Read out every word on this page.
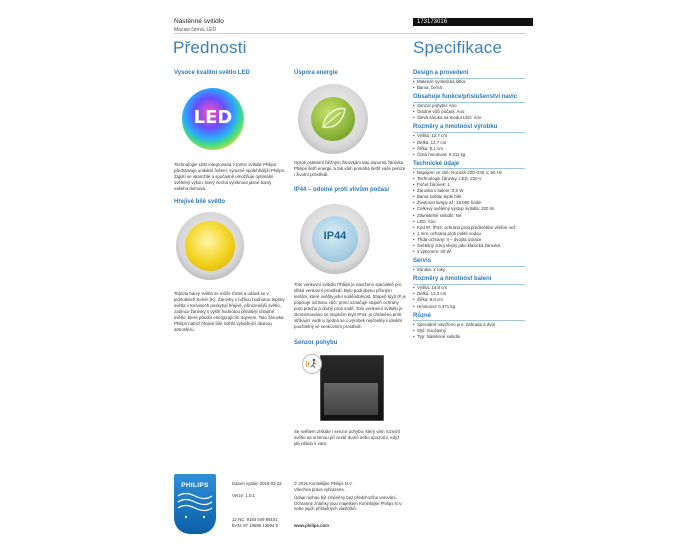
Nástěnné svítidlo
Macaw černá, LED
173173016
Přednosti	Specifikace
Vysoce kvalitní světlo LED
LED
Technologie LED integrovaná v tomto svítidle Philips představuje unikátní řešení, výrazně spolehlivější Philips. Zajistí se okamžité a současně umožňuje optimální světelný výkon, který nechá vyniknout jasné barvy vašeho domova.
Úspora energie
Oproti ostatním běžným žárovkám tato úsporná žárovka Philips šetří energii, a tak vám pomáhá šetřit vaše peníze i životní prostředí.
Hřejivé bílé světlo
Teplota barvy světla se může různit a udává se v jednotkách Kelvin (K). Žárovky s nižšou hodnotou teploty světla v Kelvinech poskytují hřejivé, přirozenější světlo, zatímco žárovky s vyšší hodnotou přinášejí chladné světlo, které působí energizujícím dojmem. Tato žárovka Philips nabízí hřejivé bílé světlo vytvářející útulnou atmosféru.
IP44 – odolné proti vlivům počasí
IP44
Toto venkovní svítidlo Philips je navrženo speciálně pro vlhká venkovní prostředí. Bylo podrobeno přísným testům, které ověřily jeho voděodolnost. Stupeň krytí IP je popisuje ochranu vůči: první označuje stupeň ochrany proti prachu a druhý proti vodě. Toto venkovní svítidlo je zkonstruováno se stupněm krytí IP44, je chráněno proti stříkající vodě a zjedná se o výrobek nejčastěji s ideální použitelný ve venkovním prostředí.
Senzor pohybu
Se světlem získáte i senzor pohybu, který vám rozsvítí světlo na určenou při cestě domů nebo upozorní, když jde někdo k vám.
Design a provedení
• Materiál: syntetická látka
• Barva: černá
Obsahuje funkce/příslušenství navíc
• Senzor pohybu: Ano
• Odolné vůči počasí: Ano
• Slevá záruka na modul LED: Ano
Rozměry a hmotnost výrobku
• Výška: 12,7 cm
• Délka: 12,7 cm
• Šířka: 9,1 cm
• Čistá hmotnost: 0,311 kg
Technické údaje
• Napájení ze sítě: Rozsah 220–240 V, 50 Hz
• Technologie žárovky: LED, 230 V
• Počet žárovek: 1
• Žárovka v balení: 3,5 W
• Barva světla: teplé bílé
• Životnost lampy až: 15 000 hodin
• Celkový světelný výstup svítidla: 320 lm
• Ztlumitelné svítidlo: Ne
• LED: Ano
• Kód IP: IP44, ochrana proti předmětům větším než
• 1 mm, ochrana proti polité vodou
• Třída ochrany: II – dvojitá izolace
• Světelný zdroj stejný jako klasická žárovka
• s výkonem: 30 W
Servis
• Záruka: 2 roky
Rozměry a hmotnost balení
• Výška: 14,8 cm
• Délka: 13,3 cm
• Šířka: 9,8 cm
• Hmotnost: 0,371 kg
Různé
• Speciálně navrženo pro: Zahrada a dvůr
• Styl: Současný
• Typ: Nástěnné svítidlo
PHILIPS	Datum vydání 2016-03-22
Verze: 1.0.1
12 NC: 9150 049 89101
EAN: 87 18696 13594 6
© 2016 Koninklijke Philips N.V.
Všechna práva vyhrazena.
Údaje mohou být změněny bez předchozího varování. Ochranné známky jsou majetkem Koninklijke Philips N.V. nebo jejich příslušných vlastníků.
www.philips.com
